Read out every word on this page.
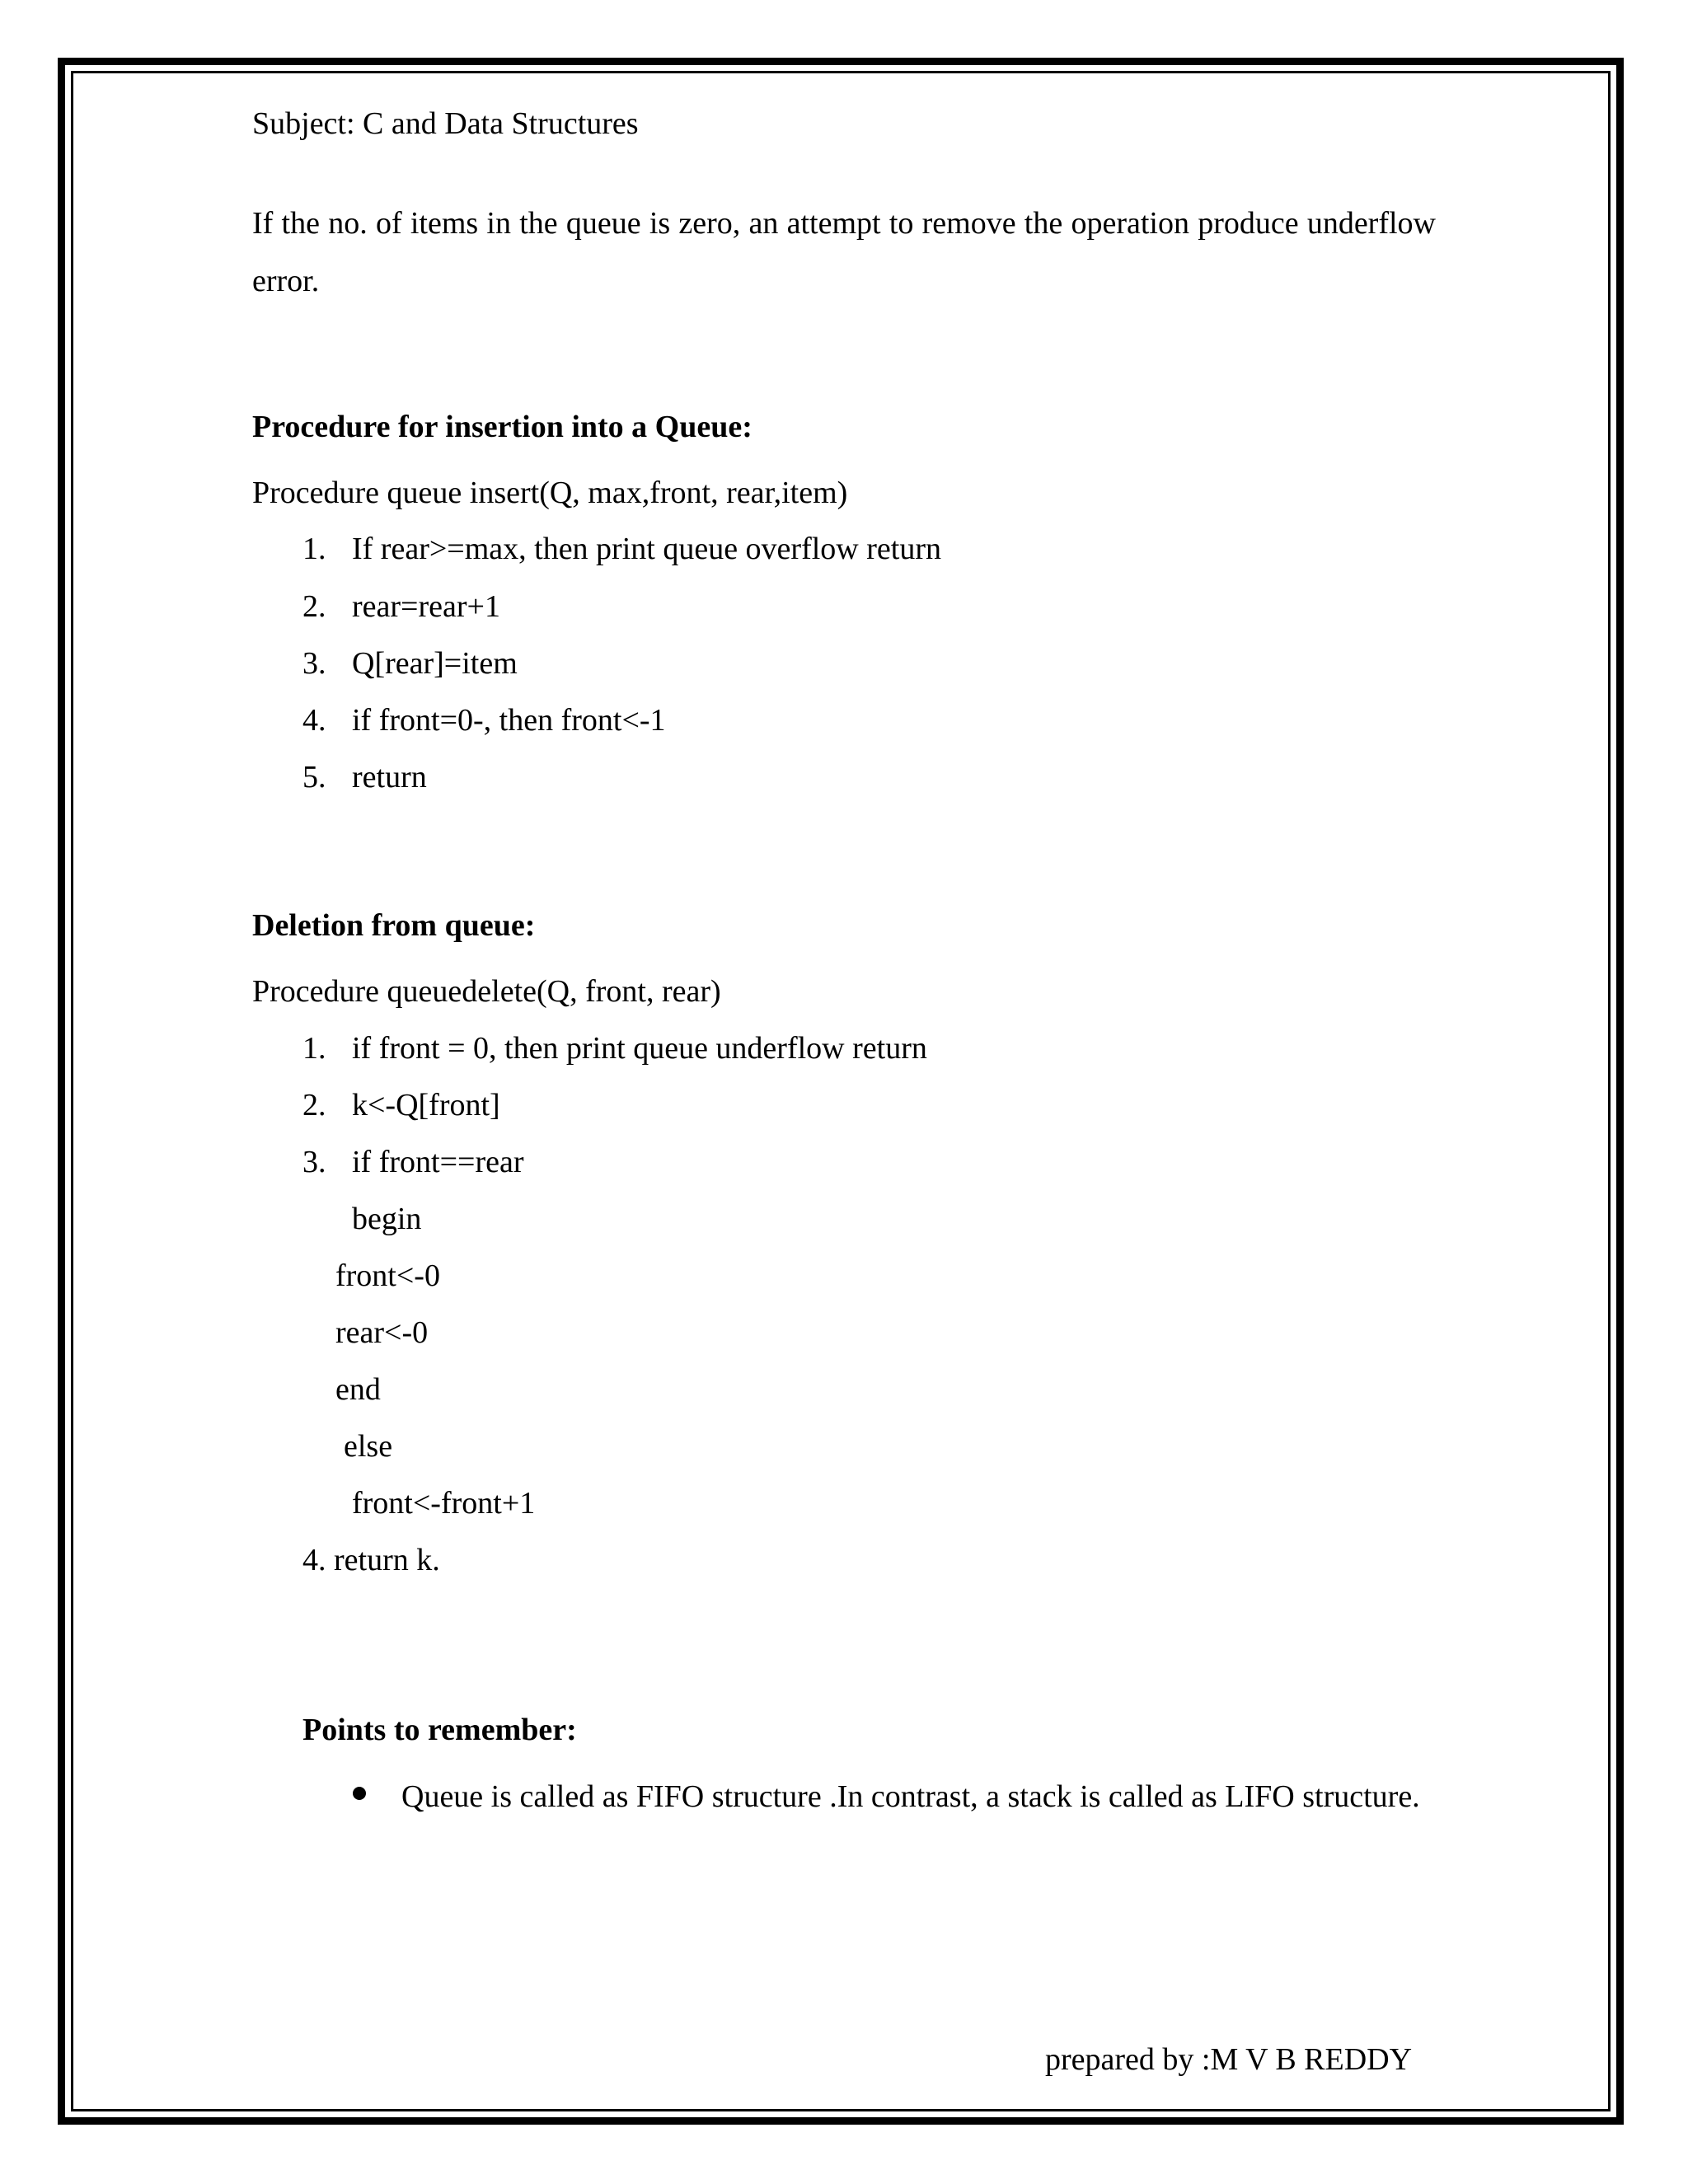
Subject: C and Data Structures
If the no. of items in the queue is zero, an attempt to remove the operation produce underflow error.
Procedure for insertion into a Queue:
Procedure queue insert(Q, max,front, rear,item)
1. If rear>=max, then print queue overflow return
2. rear=rear+1
3. Q[rear]=item
4. if front=0-, then front<-1
5. return
Deletion from queue:
Procedure queuedelete(Q, front, rear)
1. if front = 0, then print queue underflow return
2. k<-Q[front]
3. if front==rear
begin
front<-0
rear<-0
end
else
front<-front+1
4. return k.
Points to remember:
Queue is called as FIFO structure .In contrast, a stack is called as LIFO structure.
prepared by :M V B REDDY
